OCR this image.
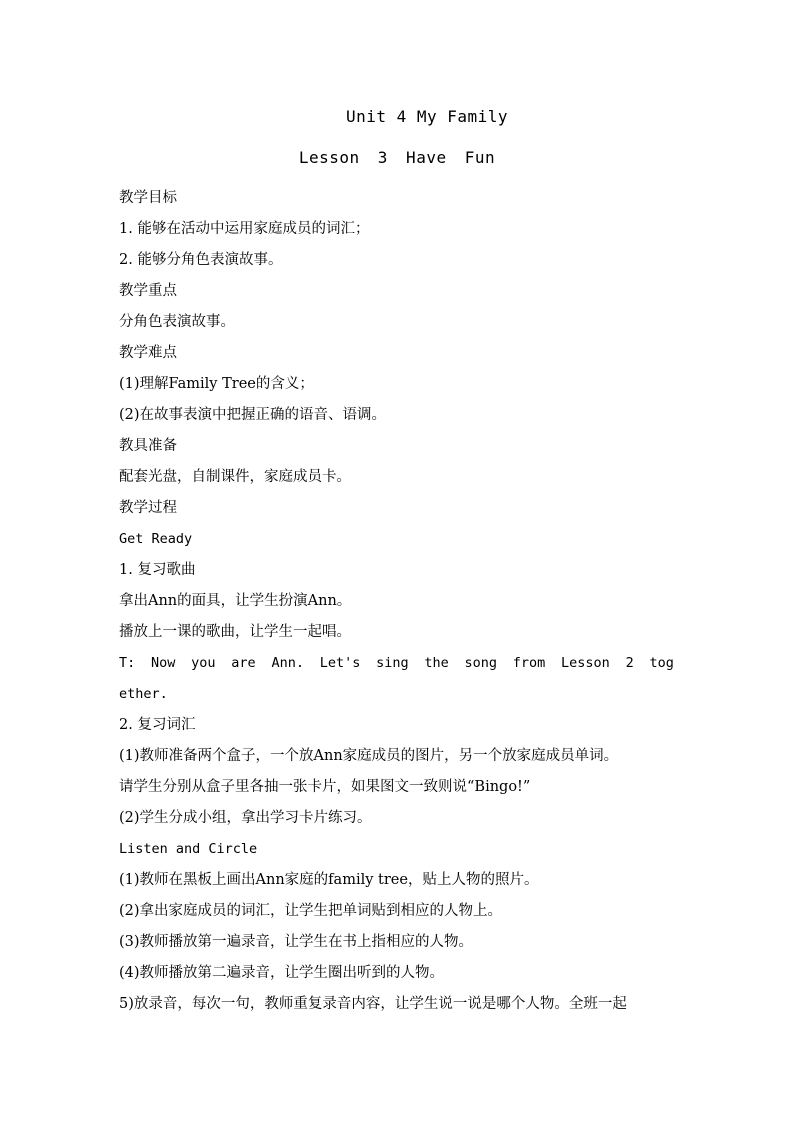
Unit 4 My Family
Lesson 3 Have Fun
教学目标
1. 能够在活动中运用家庭成员的词汇；
2. 能够分角色表演故事。
教学重点
分角色表演故事。
教学难点
(1)理解Family Tree的含义；
(2)在故事表演中把握正确的语音、语调。
教具准备
配套光盘，自制课件，家庭成员卡。
教学过程
Get Ready
1. 复习歌曲
拿出Ann的面具，让学生扮演Ann。
播放上一课的歌曲，让学生一起唱。
T: Now you are Ann. Let's sing the song from Lesson 2 tog
ether.
2. 复习词汇
(1)教师准备两个盒子，一个放Ann家庭成员的图片，另一个放家庭成员单词。
请学生分别从盒子里各抽一张卡片，如果图文一致则说“Bingo!”
(2)学生分成小组，拿出学习卡片练习。
Listen and Circle
(1)教师在黑板上画出Ann家庭的family tree，贴上人物的照片。
(2)拿出家庭成员的词汇，让学生把单词贴到相应的人物上。
(3)教师播放第一遍录音，让学生在书上指相应的人物。
(4)教师播放第二遍录音，让学生圈出听到的人物。
5)放录音，每次一句，教师重复录音内容，让学生说一说是哪个人物。全班一起
